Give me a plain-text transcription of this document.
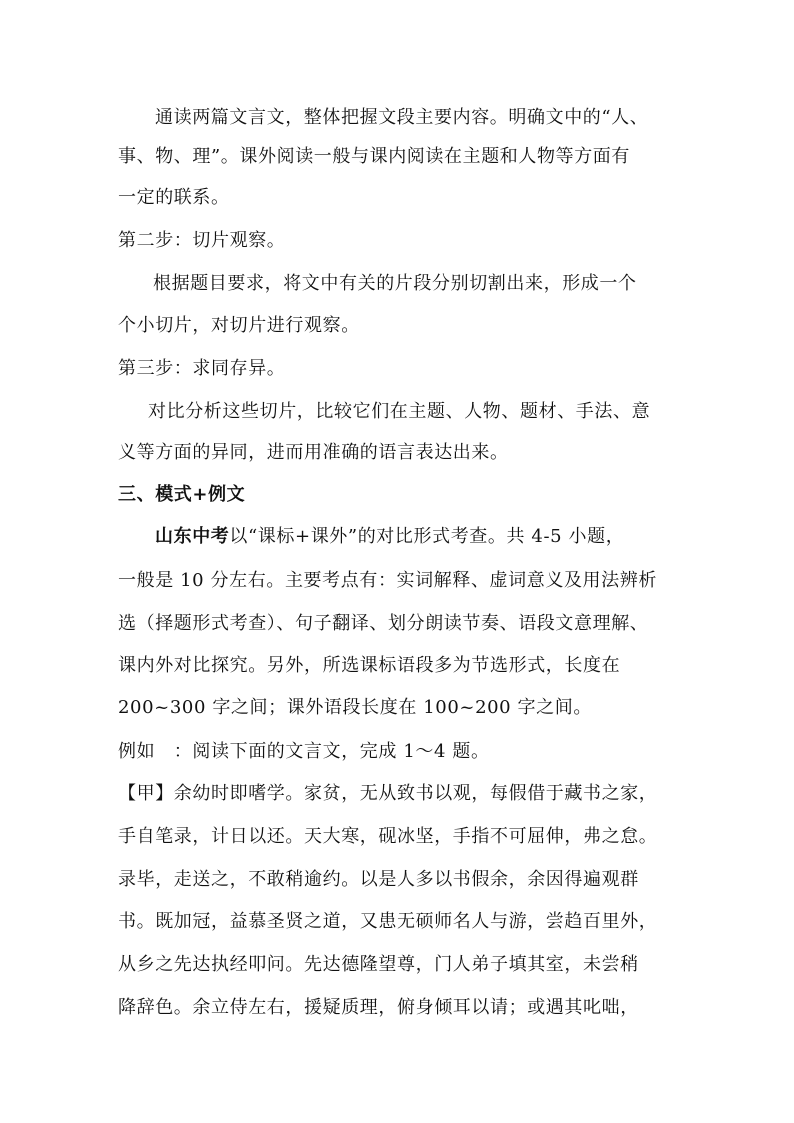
通读两篇文言文，整体把握文段主要内容。明确文中的“人、
事、物、理”。课外阅读一般与课内阅读在主题和人物等方面有
一定的联系。
第二步：切片观察。
根据题目要求，将文中有关的片段分别切割出来，形成一个
个小切片，对切片进行观察。
第三步：求同存异。
对比分析这些切片，比较它们在主题、人物、题材、手法、意
义等方面的异同，进而用准确的语言表达出来。
三、模式+例文
山东中考以“课标+课外”的对比形式考查。共 4-5 小题，
一般是 10 分左右。主要考点有：实词解释、虚词意义及用法辨析
选（择题形式考查）、句子翻译、划分朗读节奏、语段文意理解、
课内外对比探究。另外，所选课标语段多为节选形式，长度在
200~300 字之间；课外语段长度在 100~200 字之间。
例如　：阅读下面的文言文，完成 1～4 题。
【甲】余幼时即嗜学。家贫，无从致书以观，每假借于藏书之家，
手自笔录，计日以还。天大寒，砚冰坚，手指不可屈伸，弗之怠。
录毕，走送之，不敢稍逾约。以是人多以书假余，余因得遍观群
书。既加冠，益慕圣贤之道，又患无硕师名人与游，尝趋百里外，
从乡之先达执经叩问。先达德隆望尊，门人弟子填其室，未尝稍
降辞色。余立侍左右，援疑质理，俯身倾耳以请；或遇其叱咄，
